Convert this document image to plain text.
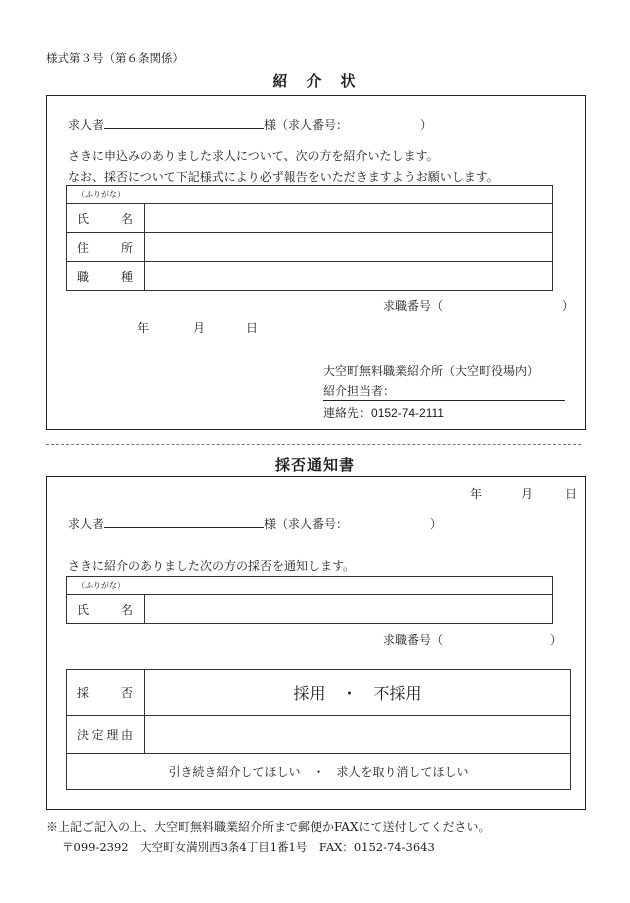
様式第３号（第６条関係）
紹　介　状
求人者	様（求人番号：	）
さきに申込みのありました求人について、次の方を紹介いたします。
なお、採否について下記様式により必ず報告をいただきますようお願いします。
（ふりがな）	
氏　名	
住　所	
職　種	
求職番号（	）
年	月	日
大空町無料職業紹介所（大空町役場内）
紹介担当者：
連絡先：0152-74-2111
採否通知書
年	月	日
求人者	様（求人番号：	）
さきに紹介のありました次の方の採否を通知します。
（ふりがな）
氏　名	
求職番号（	）
採　否	採用　・　不採用
決定理由	
引き続き紹介してほしい　・　求人を取り消してほしい	
※上記ご記入の上、大空町無料職業紹介所まで郵便かFAXにて送付してください。
〒099-2392　大空町女満別西3条4丁目1番1号　FAX：0152-74-3643
